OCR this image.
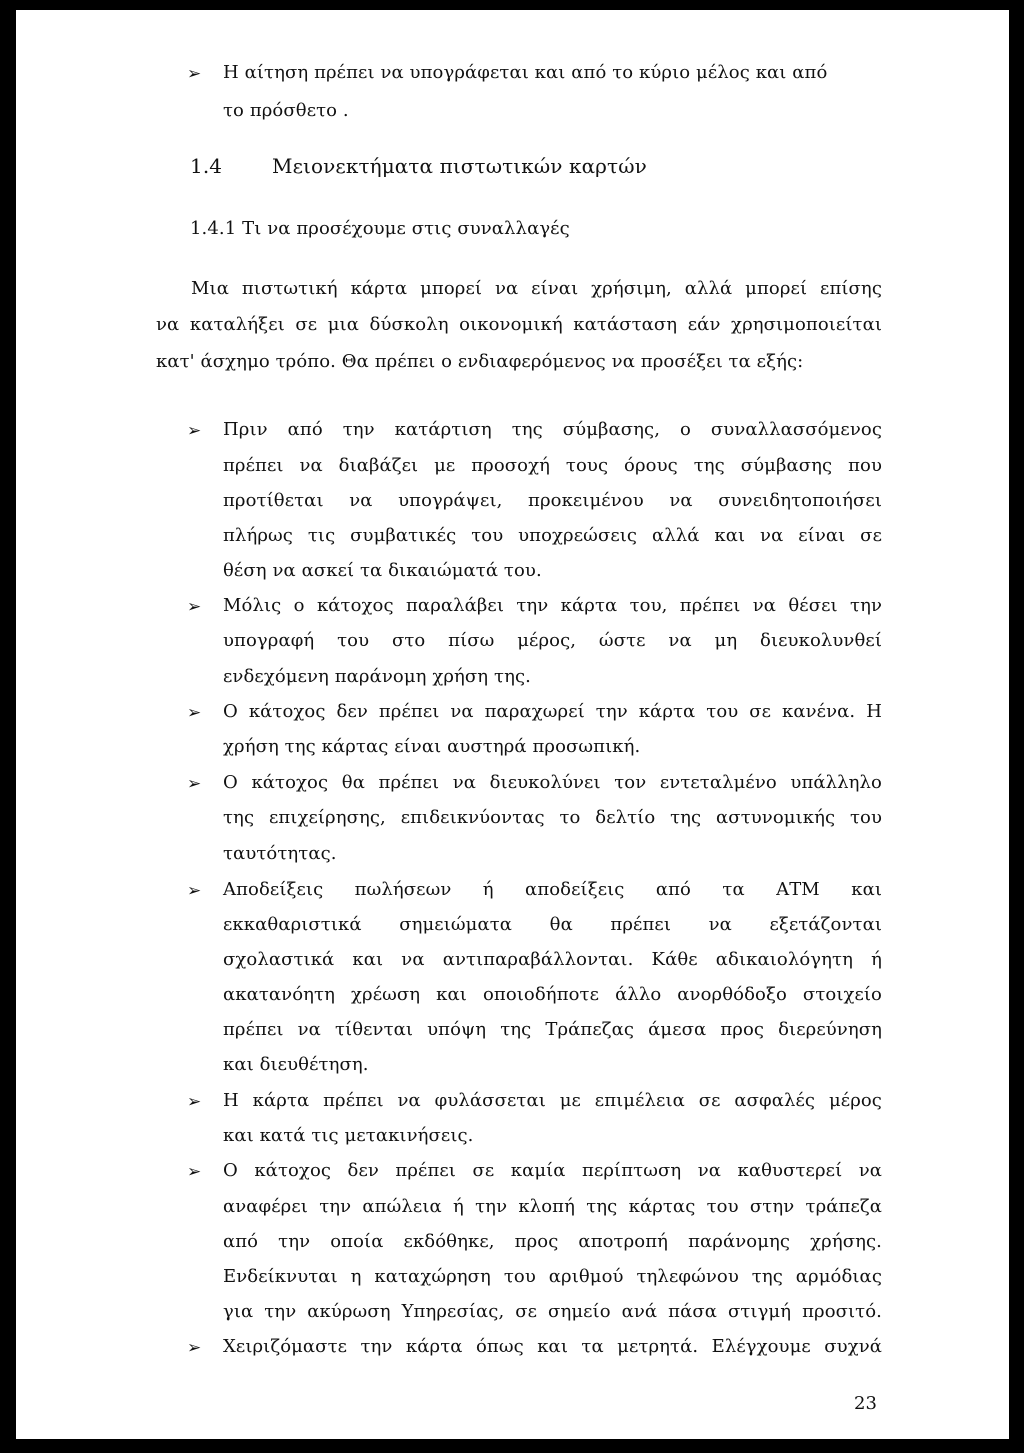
➢ Η αίτηση πρέπει να υπογράφεται και από το κύριο μέλος και από
το πρόσθετο .
1.4 Μειονεκτήματα πιστωτικών καρτών
1.4.1 Τι να προσέχουμε στις συναλλαγές
Μια πιστωτική κάρτα μπορεί να είναι χρήσιμη, αλλά μπορεί επίσης
να καταλήξει σε μια δύσκολη οικονομική κατάσταση εάν χρησιμοποιείται
κατ' άσχημο τρόπο. Θα πρέπει ο ενδιαφερόμενος να προσέξει τα εξής:
➢ Πριν από την κατάρτιση της σύμβασης, ο συναλλασσόμενος
πρέπει να διαβάζει με προσοχή τους όρους της σύμβασης που
προτίθεται να υπογράψει, προκειμένου να συνειδητοποιήσει
πλήρως τις συμβατικές του υποχρεώσεις αλλά και να είναι σε
θέση να ασκεί τα δικαιώματά του.
➢ Μόλις ο κάτοχος παραλάβει την κάρτα του, πρέπει να θέσει την
υπογραφή του στο πίσω μέρος, ώστε να μη διευκολυνθεί
ενδεχόμενη παράνομη χρήση της.
➢ Ο κάτοχος δεν πρέπει να παραχωρεί την κάρτα του σε κανένα. Η
χρήση της κάρτας είναι αυστηρά προσωπική.
➢ Ο κάτοχος θα πρέπει να διευκολύνει τον εντεταλμένο υπάλληλο
της επιχείρησης, επιδεικνύοντας το δελτίο της αστυνομικής του
ταυτότητας.
➢ Αποδείξεις πωλήσεων ή αποδείξεις από τα ΑΤΜ και
εκκαθαριστικά σημειώματα θα πρέπει να εξετάζονται
σχολαστικά και να αντιπαραβάλλονται. Κάθε αδικαιολόγητη ή
ακατανόητη χρέωση και οποιοδήποτε άλλο ανορθόδοξο στοιχείο
πρέπει να τίθενται υπόψη της Τράπεζας άμεσα προς διερεύνηση
και διευθέτηση.
➢ Η κάρτα πρέπει να φυλάσσεται με επιμέλεια σε ασφαλές μέρος
και κατά τις μετακινήσεις.
➢ Ο κάτοχος δεν πρέπει σε καμία περίπτωση να καθυστερεί να
αναφέρει την απώλεια ή την κλοπή της κάρτας του στην τράπεζα
από την οποία εκδόθηκε, προς αποτροπή παράνομης χρήσης.
Ενδείκνυται η καταχώρηση του αριθμού τηλεφώνου της αρμόδιας
για την ακύρωση Υπηρεσίας, σε σημείο ανά πάσα στιγμή προσιτό.
➢ Χειριζόμαστε την κάρτα όπως και τα μετρητά. Ελέγχουμε συχνά
23
